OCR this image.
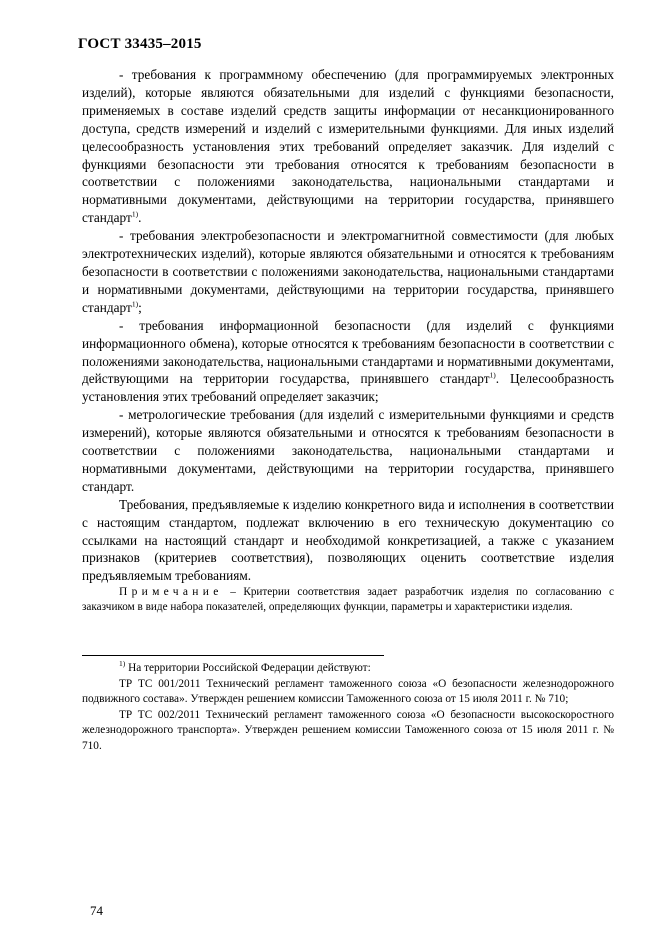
ГОСТ 33435–2015

- требования к программному обеспечению (для программируемых электронных изделий), которые являются обязательными для изделий с функциями безопасности, применяемых в составе изделий средств защиты информации от несанкционированного доступа, средств измерений и изделий с измерительными функциями. Для иных изделий целесообразность установления этих требований определяет заказчик. Для изделий с функциями безопасности эти требования относятся к требованиям безопасности в соответствии с положениями законодательства, национальными стандартами и нормативными документами, действующими на территории государства, принявшего стандарт$^{1)}$.

- требования электробезопасности и электромагнитной совместимости (для любых электротехнических изделий), которые являются обязательными и относятся к требованиям безопасности в соответствии с положениями законодательства, национальными стандартами и нормативными документами, действующими на территории государства, принявшего стандарт$^{1)}$;

- требования информационной безопасности (для изделий с функциями информационного обмена), которые относятся к требованиям безопасности в соответствии с положениями законодательства, национальными стандартами и нормативными документами, действующими на территории государства, принявшего стандарт$^{1)}$. Целесообразность установления этих требований определяет заказчик;

- метрологические требования (для изделий с измерительными функциями и средств измерений), которые являются обязательными и относятся к требованиям безопасности в соответствии с положениями законодательства, национальными стандартами и нормативными документами, действующими на территории государства, принявшего стандарт.

Требования, предъявляемые к изделию конкретного вида и исполнения в соответствии с настоящим стандартом, подлежат включению в его техническую документацию со ссылками на настоящий стандарт и необходимой конкретизацией, а также с указанием признаков (критериев соответствия), позволяющих оценить соответствие изделия предъявляемым требованиям.

Примечание – Критерии соответствия задает разработчик изделия по согласованию с заказчиком в виде набора показателей, определяющих функции, параметры и характеристики изделия.

$^{1)}$ На территории Российской Федерации действуют:

ТР ТС 001/2011 Технический регламент таможенного союза «О безопасности железнодорожного подвижного состава». Утвержден решением комиссии Таможенного союза от 15 июля 2011 г. № 710;

ТР ТС 002/2011 Технический регламент таможенного союза «О безопасности высокоскоростного железнодорожного транспорта». Утвержден решением комиссии Таможенного союза от 15 июля 2011 г. № 710.

74
